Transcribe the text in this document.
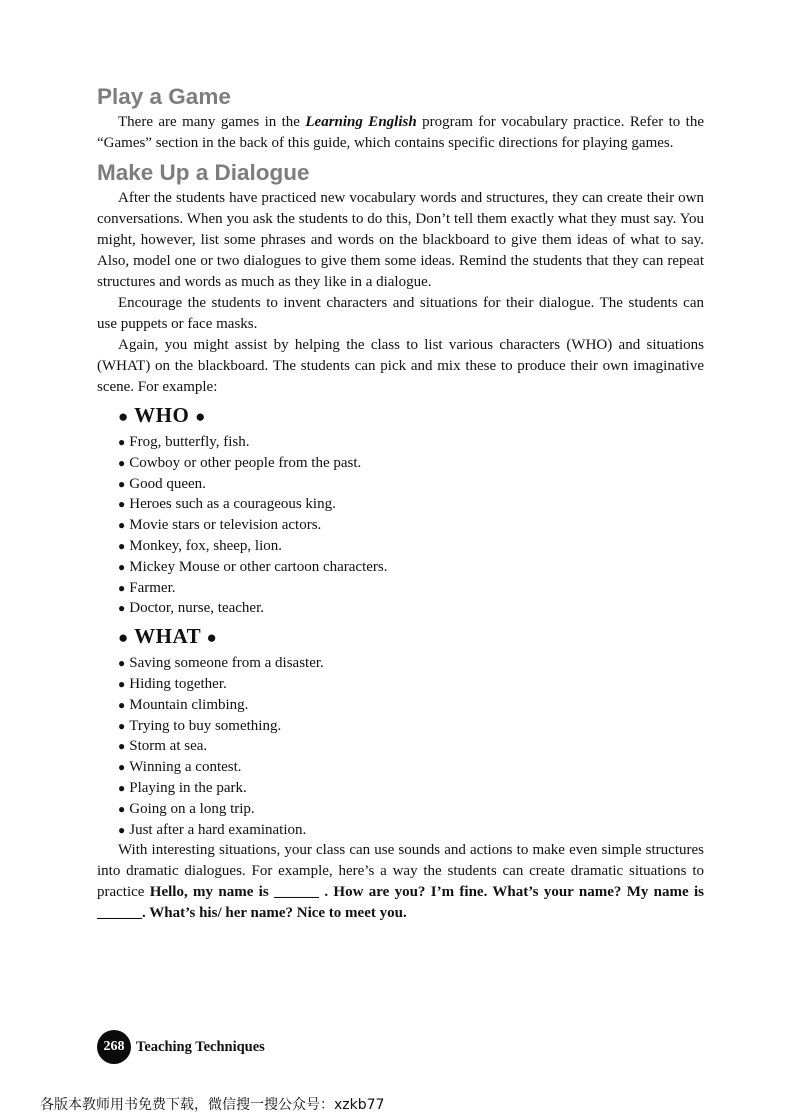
Play a Game

There are many games in the Learning English program for vocabulary practice. Refer to the “Games” section in the back of this guide, which contains specific directions for playing games.

Make Up a Dialogue

After the students have practiced new vocabulary words and structures, they can create their own conversations. When you ask the students to do this, Don’t tell them exactly what they must say. You might, however, list some phrases and words on the blackboard to give them ideas of what to say. Also, model one or two dialogues to give them some ideas. Remind the students that they can repeat structures and words as much as they like in a dialogue.

Encourage the students to invent characters and situations for their dialogue. The students can use puppets or face masks.

Again, you might assist by helping the class to list various characters (WHO) and situations (WHAT) on the blackboard. The students can pick and mix these to produce their own imaginative scene. For example:

● WHO ●
● Frog, butterfly, fish.
● Cowboy or other people from the past.
● Good queen.
● Heroes such as a courageous king.
● Movie stars or television actors.
● Monkey, fox, sheep, lion.
● Mickey Mouse or other cartoon characters.
● Farmer.
● Doctor, nurse, teacher.
● WHAT ●
● Saving someone from a disaster.
● Hiding together.
● Mountain climbing.
● Trying to buy something.
● Storm at sea.
● Winning a contest.
● Playing in the park.
● Going on a long trip.
● Just after a hard examination.

With interesting situations, your class can use sounds and actions to make even simple structures into dramatic dialogues. For example, here’s a way the students can create dramatic situations to practice Hello, my name is ______ . How are you? I’m fine. What’s your name? My name is ______. What’s his/ her name? Nice to meet you.

268 Teaching Techniques
各版本教师用书免费下载，微信搜一搜公众号：xzkb77
